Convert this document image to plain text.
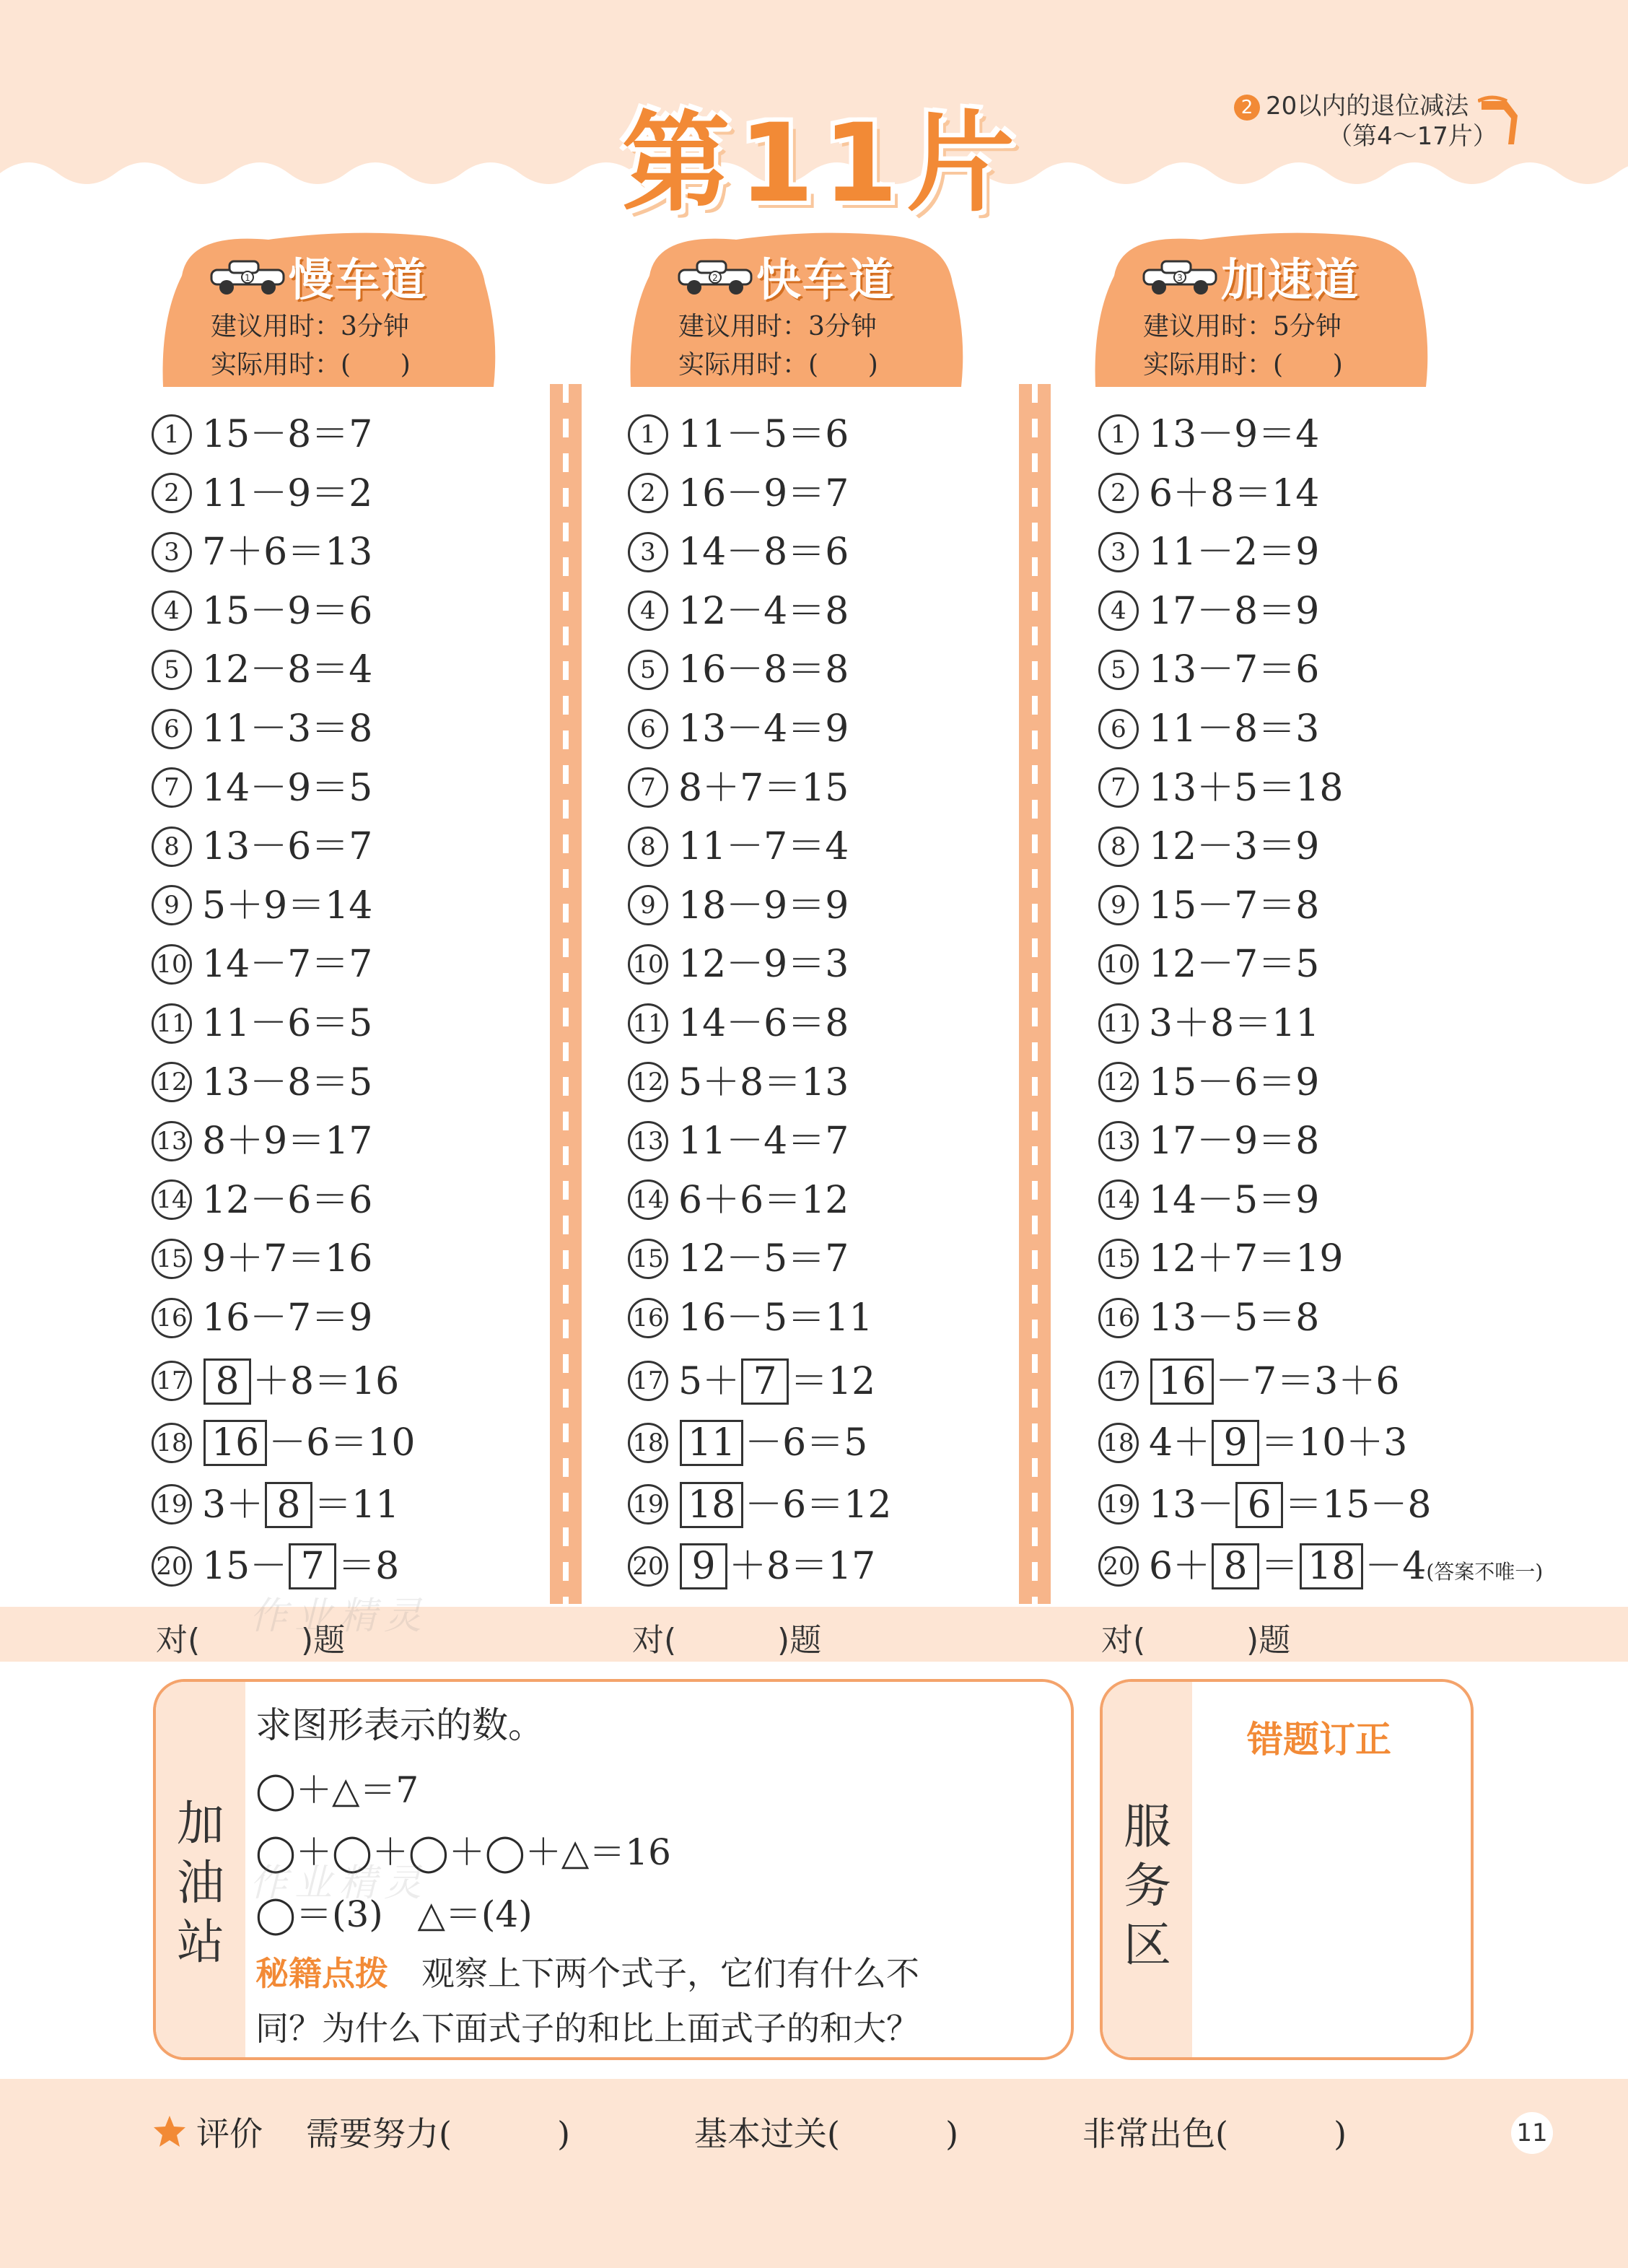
第11片	2 20以内的退位减法
（第4～17片）
1 慢车道
建议用时：3分钟
实际用时：(      )
2 快车道
建议用时：3分钟
实际用时：(      )
3 加速道
建议用时：5分钟
实际用时：(      )
1 15－8＝7
2 11－9＝2
3 7＋6＝13
4 15－9＝6
5 12－8＝4
6 11－3＝8
7 14－9＝5
8 13－6＝7
9 5＋9＝14
10 14－7＝7
11 11－6＝5
12 13－8＝5
13 8＋9＝17
14 12－6＝6
15 9＋7＝16
16 16－7＝9
17 8 ＋8＝16
18 16 －6＝10
19 3＋ 8 ＝11
20 15－ 7 ＝8
1 11－5＝6
2 16－9＝7
3 14－8＝6
4 12－4＝8
5 16－8＝8
6 13－4＝9
7 8＋7＝15
8 11－7＝4
9 18－9＝9
10 12－9＝3
11 14－6＝8
12 5＋8＝13
13 11－4＝7
14 6＋6＝12
15 12－5＝7
16 16－5＝11
17 5＋ 7 ＝12
18 11 －6＝5
19 18 －6＝12
20 9 ＋8＝17
1 13－9＝4
2 6＋8＝14
3 11－2＝9
4 17－8＝9
5 13－7＝6
6 11－8＝3
7 13＋5＝18
8 12－3＝9
9 15－7＝8
10 12－7＝5
11 3＋8＝11
12 15－6＝9
13 17－9＝8
14 14－5＝9
15 12＋7＝19
16 13－5＝8
17 16 －7＝3＋6
18 4＋ 9 ＝10＋3
19 13－ 6 ＝15－8
20 6＋ 8 ＝ 18 －4(答案不唯一)
对(          )题	对(          )题	对(          )题
加油站
求图形表示的数。
◯＋△＝7
◯＋◯＋◯＋◯＋△＝16
◯＝(3)   △＝(4)
秘籍点拨 观察上下两个式子，它们有什么不
同？为什么下面式子的和比上面式子的和大？
服务区
错题订正
评价 需要努力(          )	基本过关(          )	非常出色(          )	11
作业精灵
作业精灵
